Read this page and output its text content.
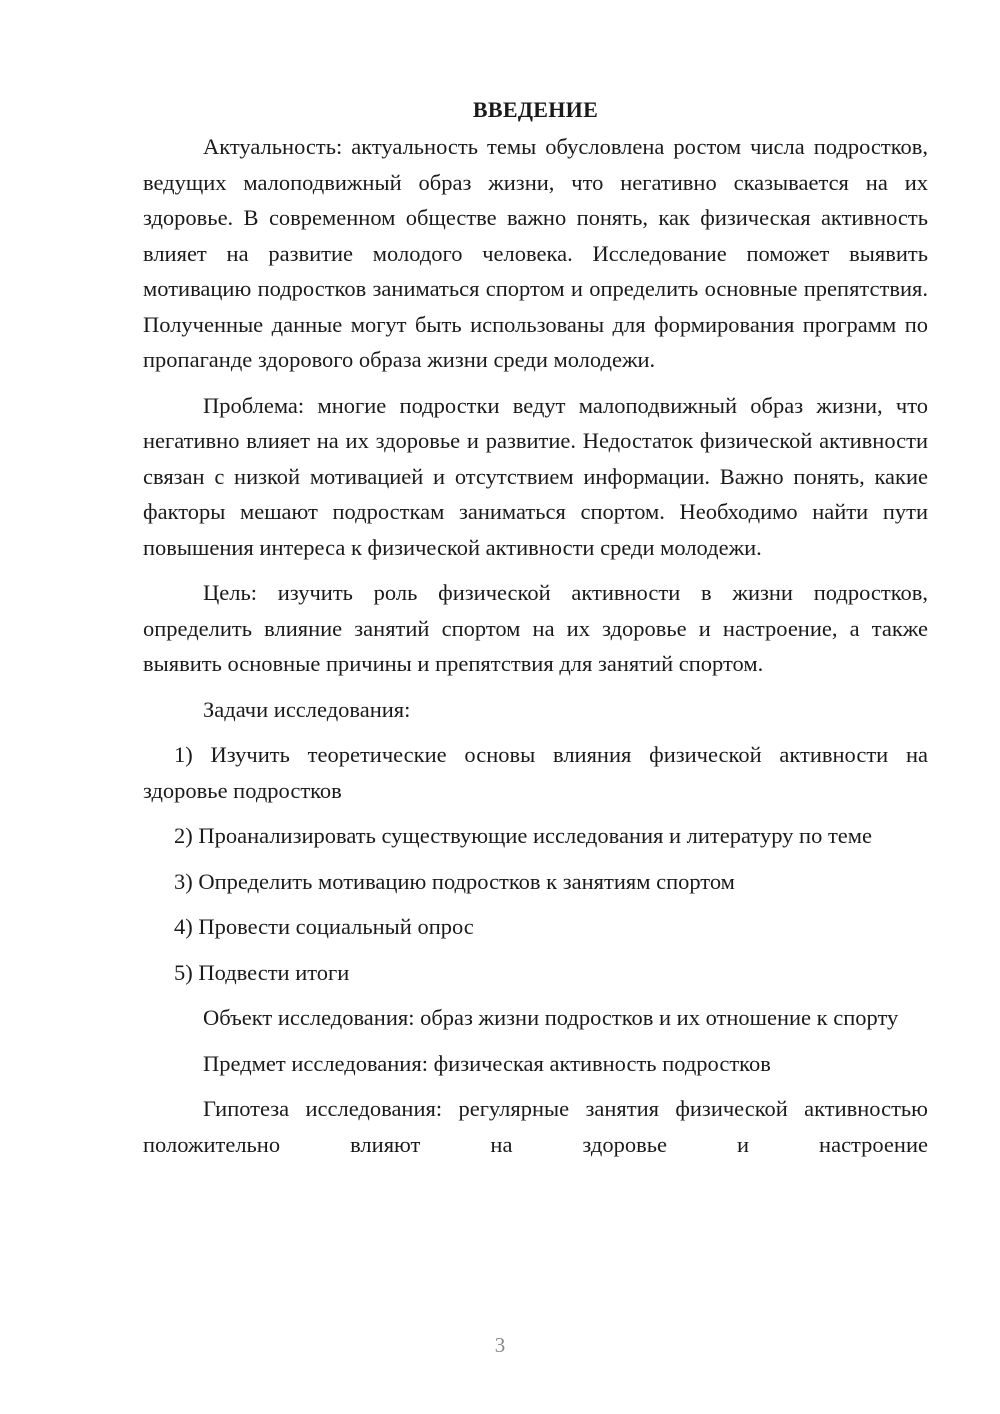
ВВЕДЕНИЕ

Актуальность: актуальность темы обусловлена ростом числа подростков, ведущих малоподвижный образ жизни, что негативно сказывается на их здоровье. В современном обществе важно понять, как физическая активность влияет на развитие молодого человека. Исследование поможет выявить мотивацию подростков заниматься спортом и определить основные препятствия. Полученные данные могут быть использованы для формирования программ по пропаганде здорового образа жизни среди молодежи.

Проблема: многие подростки ведут малоподвижный образ жизни, что негативно влияет на их здоровье и развитие. Недостаток физической активности связан с низкой мотивацией и отсутствием информации. Важно понять, какие факторы мешают подросткам заниматься спортом. Необходимо найти пути повышения интереса к физической активности среди молодежи.

Цель: изучить роль физической активности в жизни подростков, определить влияние занятий спортом на их здоровье и настроение, а также выявить основные причины и препятствия для занятий спортом.

Задачи исследования:

1) Изучить теоретические основы влияния физической активности на здоровье подростков

2) Проанализировать существующие исследования и литературу по теме

3) Определить мотивацию подростков к занятиям спортом

4) Провести социальный опрос

5) Подвести итоги

Объект исследования: образ жизни подростков и их отношение к спорту

Предмет исследования: физическая активность подростков

Гипотеза исследования: регулярные занятия физической активностью положительно влияют на здоровье и настроение

3
